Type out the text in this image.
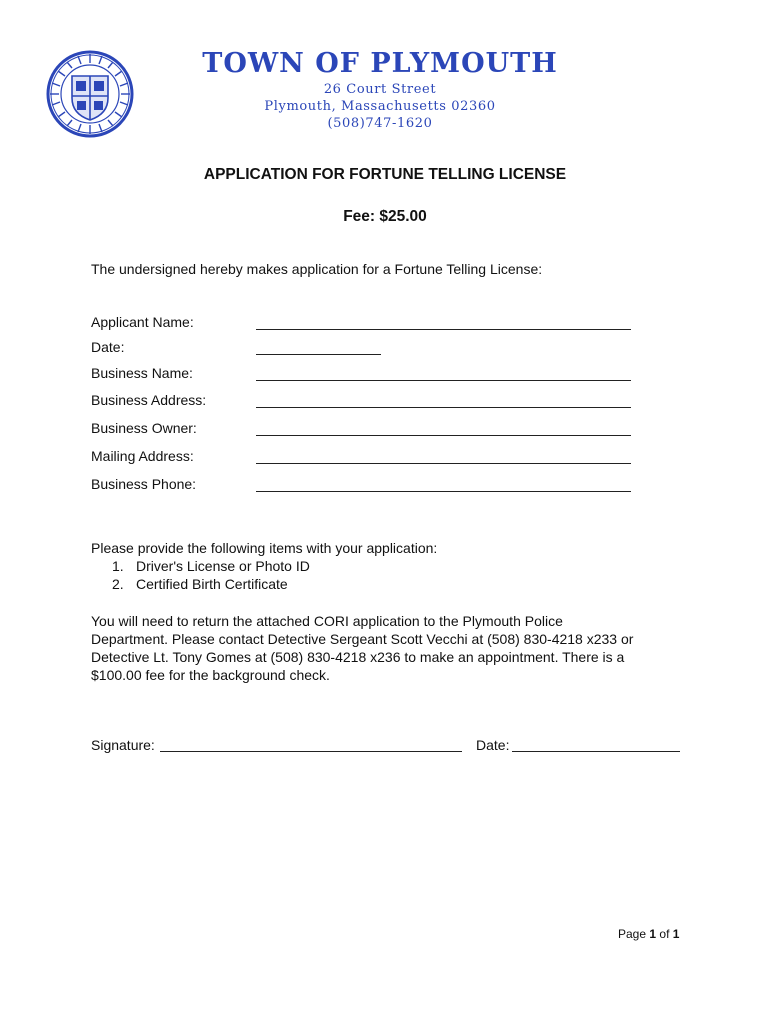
TOWN OF PLYMOUTH
26 Court Street
Plymouth, Massachusetts 02360
(508)747-1620
APPLICATION FOR FORTUNE TELLING LICENSE
Fee: $25.00
The undersigned hereby makes application for a Fortune Telling License:
Applicant Name:
Date:
Business Name:
Business Address:
Business Owner:
Mailing Address:
Business Phone:
Please provide the following items with your application:
1. Driver's License or Photo ID
2. Certified Birth Certificate
You will need to return the attached CORI application to the Plymouth Police
Department. Please contact Detective Sergeant Scott Vecchi at (508) 830-4218 x233 or
Detective Lt. Tony Gomes at (508) 830-4218 x236 to make an appointment. There is a
$100.00 fee for the background check.
Signature:	Date:
Page 1 of 1
